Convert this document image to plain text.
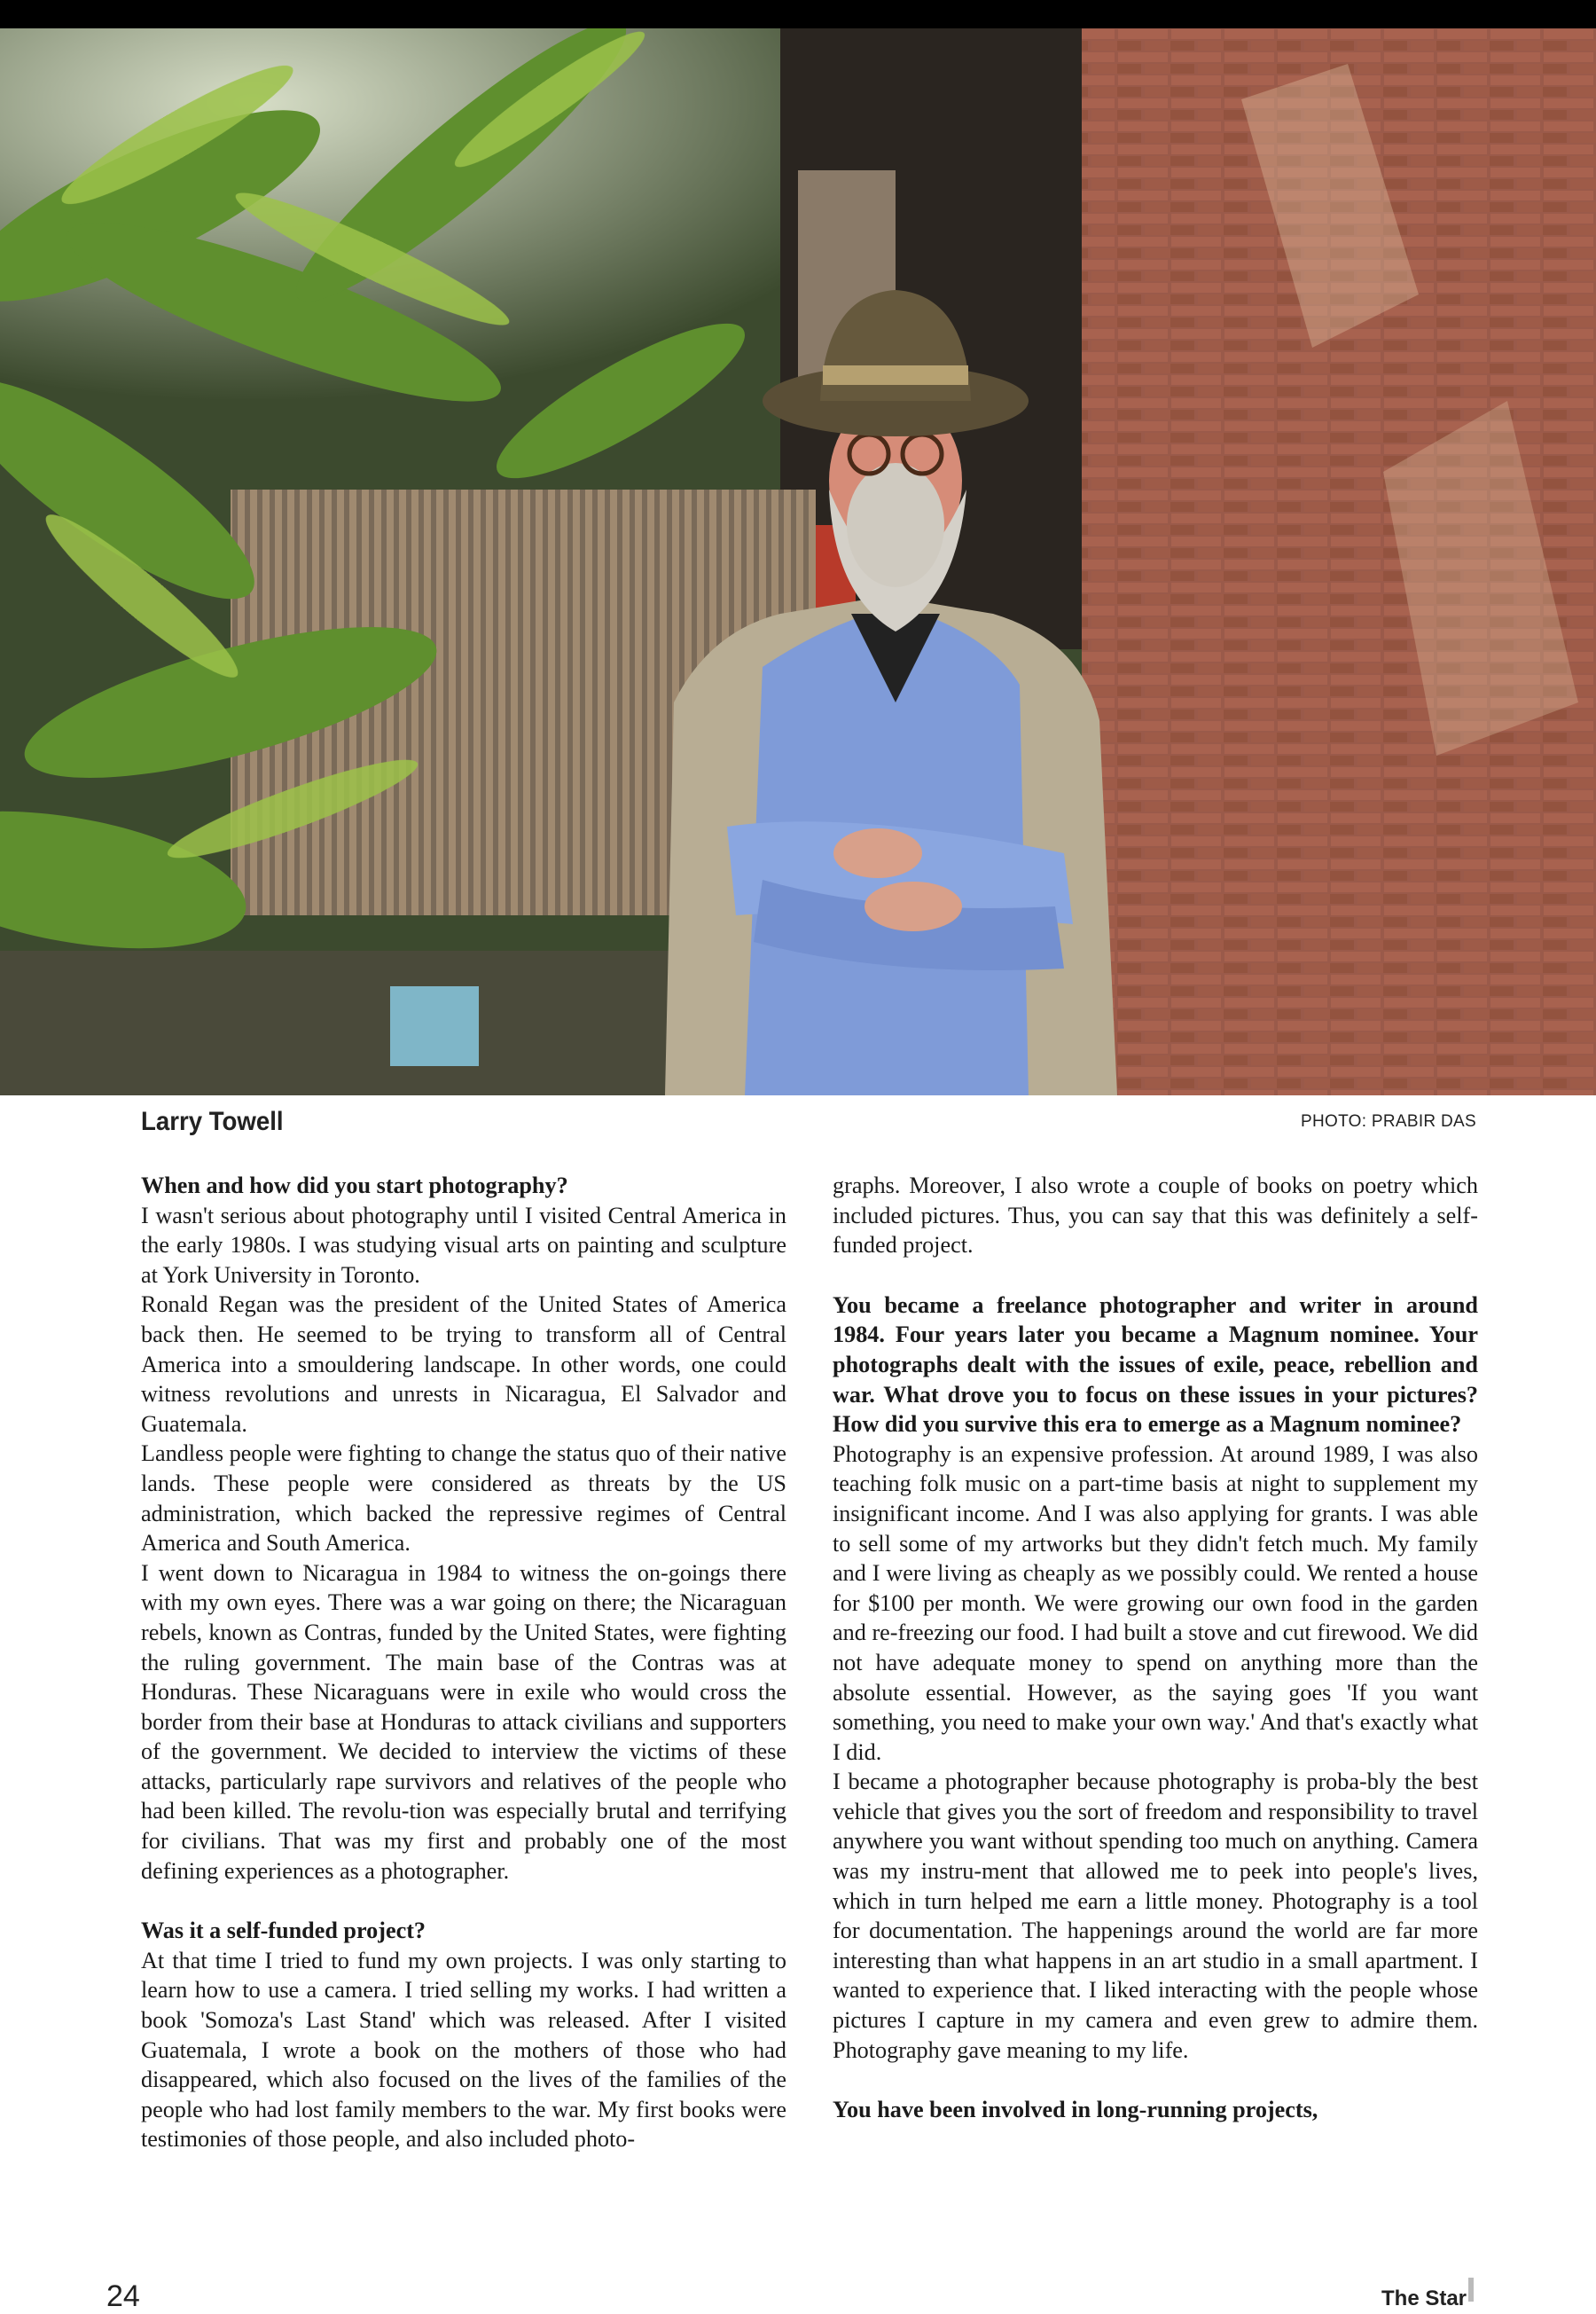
Larry Towell	PHOTO: PRABIR DAS

When and how did you start photography?

I wasn't serious about photography until I visited Central America in the early 1980s. I was studying visual arts on painting and sculpture at York University in Toronto.

Ronald Regan was the president of the United States of America back then. He seemed to be trying to transform all of Central America into a smouldering landscape. In other words, one could witness revolutions and unrests in Nicaragua, El Salvador and Guatemala.

Landless people were fighting to change the status quo of their native lands. These people were considered as threats by the US administration, which backed the repressive regimes of Central America and South America.

I went down to Nicaragua in 1984 to witness the on-goings there with my own eyes. There was a war going on there; the Nicaraguan rebels, known as Contras, funded by the United States, were fighting the ruling government. The main base of the Contras was at Honduras. These Nicaraguans were in exile who would cross the border from their base at Honduras to attack civilians and supporters of the government. We decided to interview the victims of these attacks, particularly rape survivors and relatives of the people who had been killed. The revolu-tion was especially brutal and terrifying for civilians. That was my first and probably one of the most defining experiences as a photographer.

Was it a self-funded project?

At that time I tried to fund my own projects. I was only starting to learn how to use a camera. I tried selling my works. I had written a book 'Somoza's Last Stand' which was released. After I visited Guatemala, I wrote a book on the mothers of those who had disappeared, which also focused on the lives of the families of the people who had lost family members to the war. My first books were testimonies of those people, and also included photo-

graphs. Moreover, I also wrote a couple of books on poetry which included pictures. Thus, you can say that this was definitely a self-funded project.

You became a freelance photographer and writer in around 1984. Four years later you became a Magnum nominee. Your photographs dealt with the issues of exile, peace, rebellion and war. What drove you to focus on these issues in your pictures? How did you survive this era to emerge as a Magnum nominee?

Photography is an expensive profession. At around 1989, I was also teaching folk music on a part-time basis at night to supplement my insignificant income. And I was also applying for grants. I was able to sell some of my artworks but they didn't fetch much. My family and I were living as cheaply as we possibly could. We rented a house for $100 per month. We were growing our own food in the garden and re-freezing our food. I had built a stove and cut firewood. We did not have adequate money to spend on anything more than the absolute essential. However, as the saying goes 'If you want something, you need to make your own way.' And that's exactly what I did.

I became a photographer because photography is proba-bly the best vehicle that gives you the sort of freedom and responsibility to travel anywhere you want without spending too much on anything. Camera was my instru-ment that allowed me to peek into people's lives, which in turn helped me earn a little money. Photography is a tool for documentation. The happenings around the world are far more interesting than what happens in an art studio in a small apartment. I wanted to experience that. I liked interacting with the people whose pictures I capture in my camera and even grew to admire them. Photography gave meaning to my life.

You have been involved in long-running projects,

24	The Star
